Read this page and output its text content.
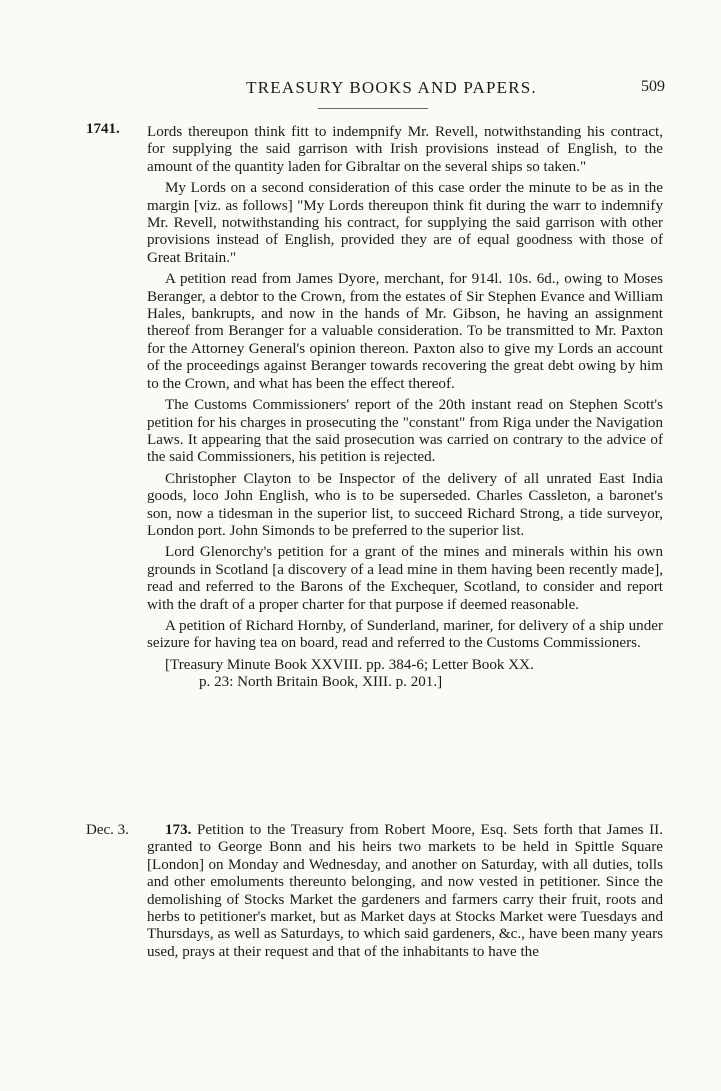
TREASURY BOOKS AND PAPERS.	509
1741. Lords thereupon think fitt to indempnify Mr. Revell, notwithstanding his contract, for supplying the said garrison with Irish provisions instead of English, to the amount of the quantity laden for Gibraltar on the several ships so taken."

My Lords on a second consideration of this case order the minute to be as in the margin [viz. as follows] "My Lords thereupon think fit during the warr to indemnify Mr. Revell, notwithstanding his contract, for supplying the said garrison with other provisions instead of English, provided they are of equal goodness with those of Great Britain."

A petition read from James Dyore, merchant, for 914l. 10s. 6d., owing to Moses Beranger, a debtor to the Crown, from the estates of Sir Stephen Evance and William Hales, bankrupts, and now in the hands of Mr. Gibson, he having an assignment thereof from Beranger for a valuable consideration. To be transmitted to Mr. Paxton for the Attorney General's opinion thereon. Paxton also to give my Lords an account of the proceedings against Beranger towards recovering the great debt owing by him to the Crown, and what has been the effect thereof.

The Customs Commissioners' report of the 20th instant read on Stephen Scott's petition for his charges in prosecuting the "constant" from Riga under the Navigation Laws. It appearing that the said prosecution was carried on contrary to the advice of the said Commissioners, his petition is rejected.

Christopher Clayton to be Inspector of the delivery of all unrated East India goods, loco John English, who is to be superseded. Charles Cassleton, a baronet's son, now a tidesman in the superior list, to succeed Richard Strong, a tide surveyor, London port. John Simonds to be preferred to the superior list.

Lord Glenorchy's petition for a grant of the mines and minerals within his own grounds in Scotland [a discovery of a lead mine in them having been recently made], read and referred to the Barons of the Exchequer, Scotland, to consider and report with the draft of a proper charter for that purpose if deemed reasonable.

A petition of Richard Hornby, of Sunderland, mariner, for delivery of a ship under seizure for having tea on board, read and referred to the Customs Commissioners.

[Treasury Minute Book XXVIII. pp. 384-6; Letter Book XX.
p. 23: North Britain Book, XIII. p. 201.]

Dec. 3.	173. Petition to the Treasury from Robert Moore, Esq. Sets forth that James II. granted to George Bonn and his heirs two markets to be held in Spittle Square [London] on Monday and Wednesday, and another on Saturday, with all duties, tolls and other emoluments thereunto belonging, and now vested in petitioner. Since the demolishing of Stocks Market the gardeners and farmers carry their fruit, roots and herbs to petitioner's market, but as Market days at Stocks Market were Tuesdays and Thursdays, as well as Saturdays, to which said gardeners, &c., have been many years used, prays at their request and that of the inhabitants to have the
